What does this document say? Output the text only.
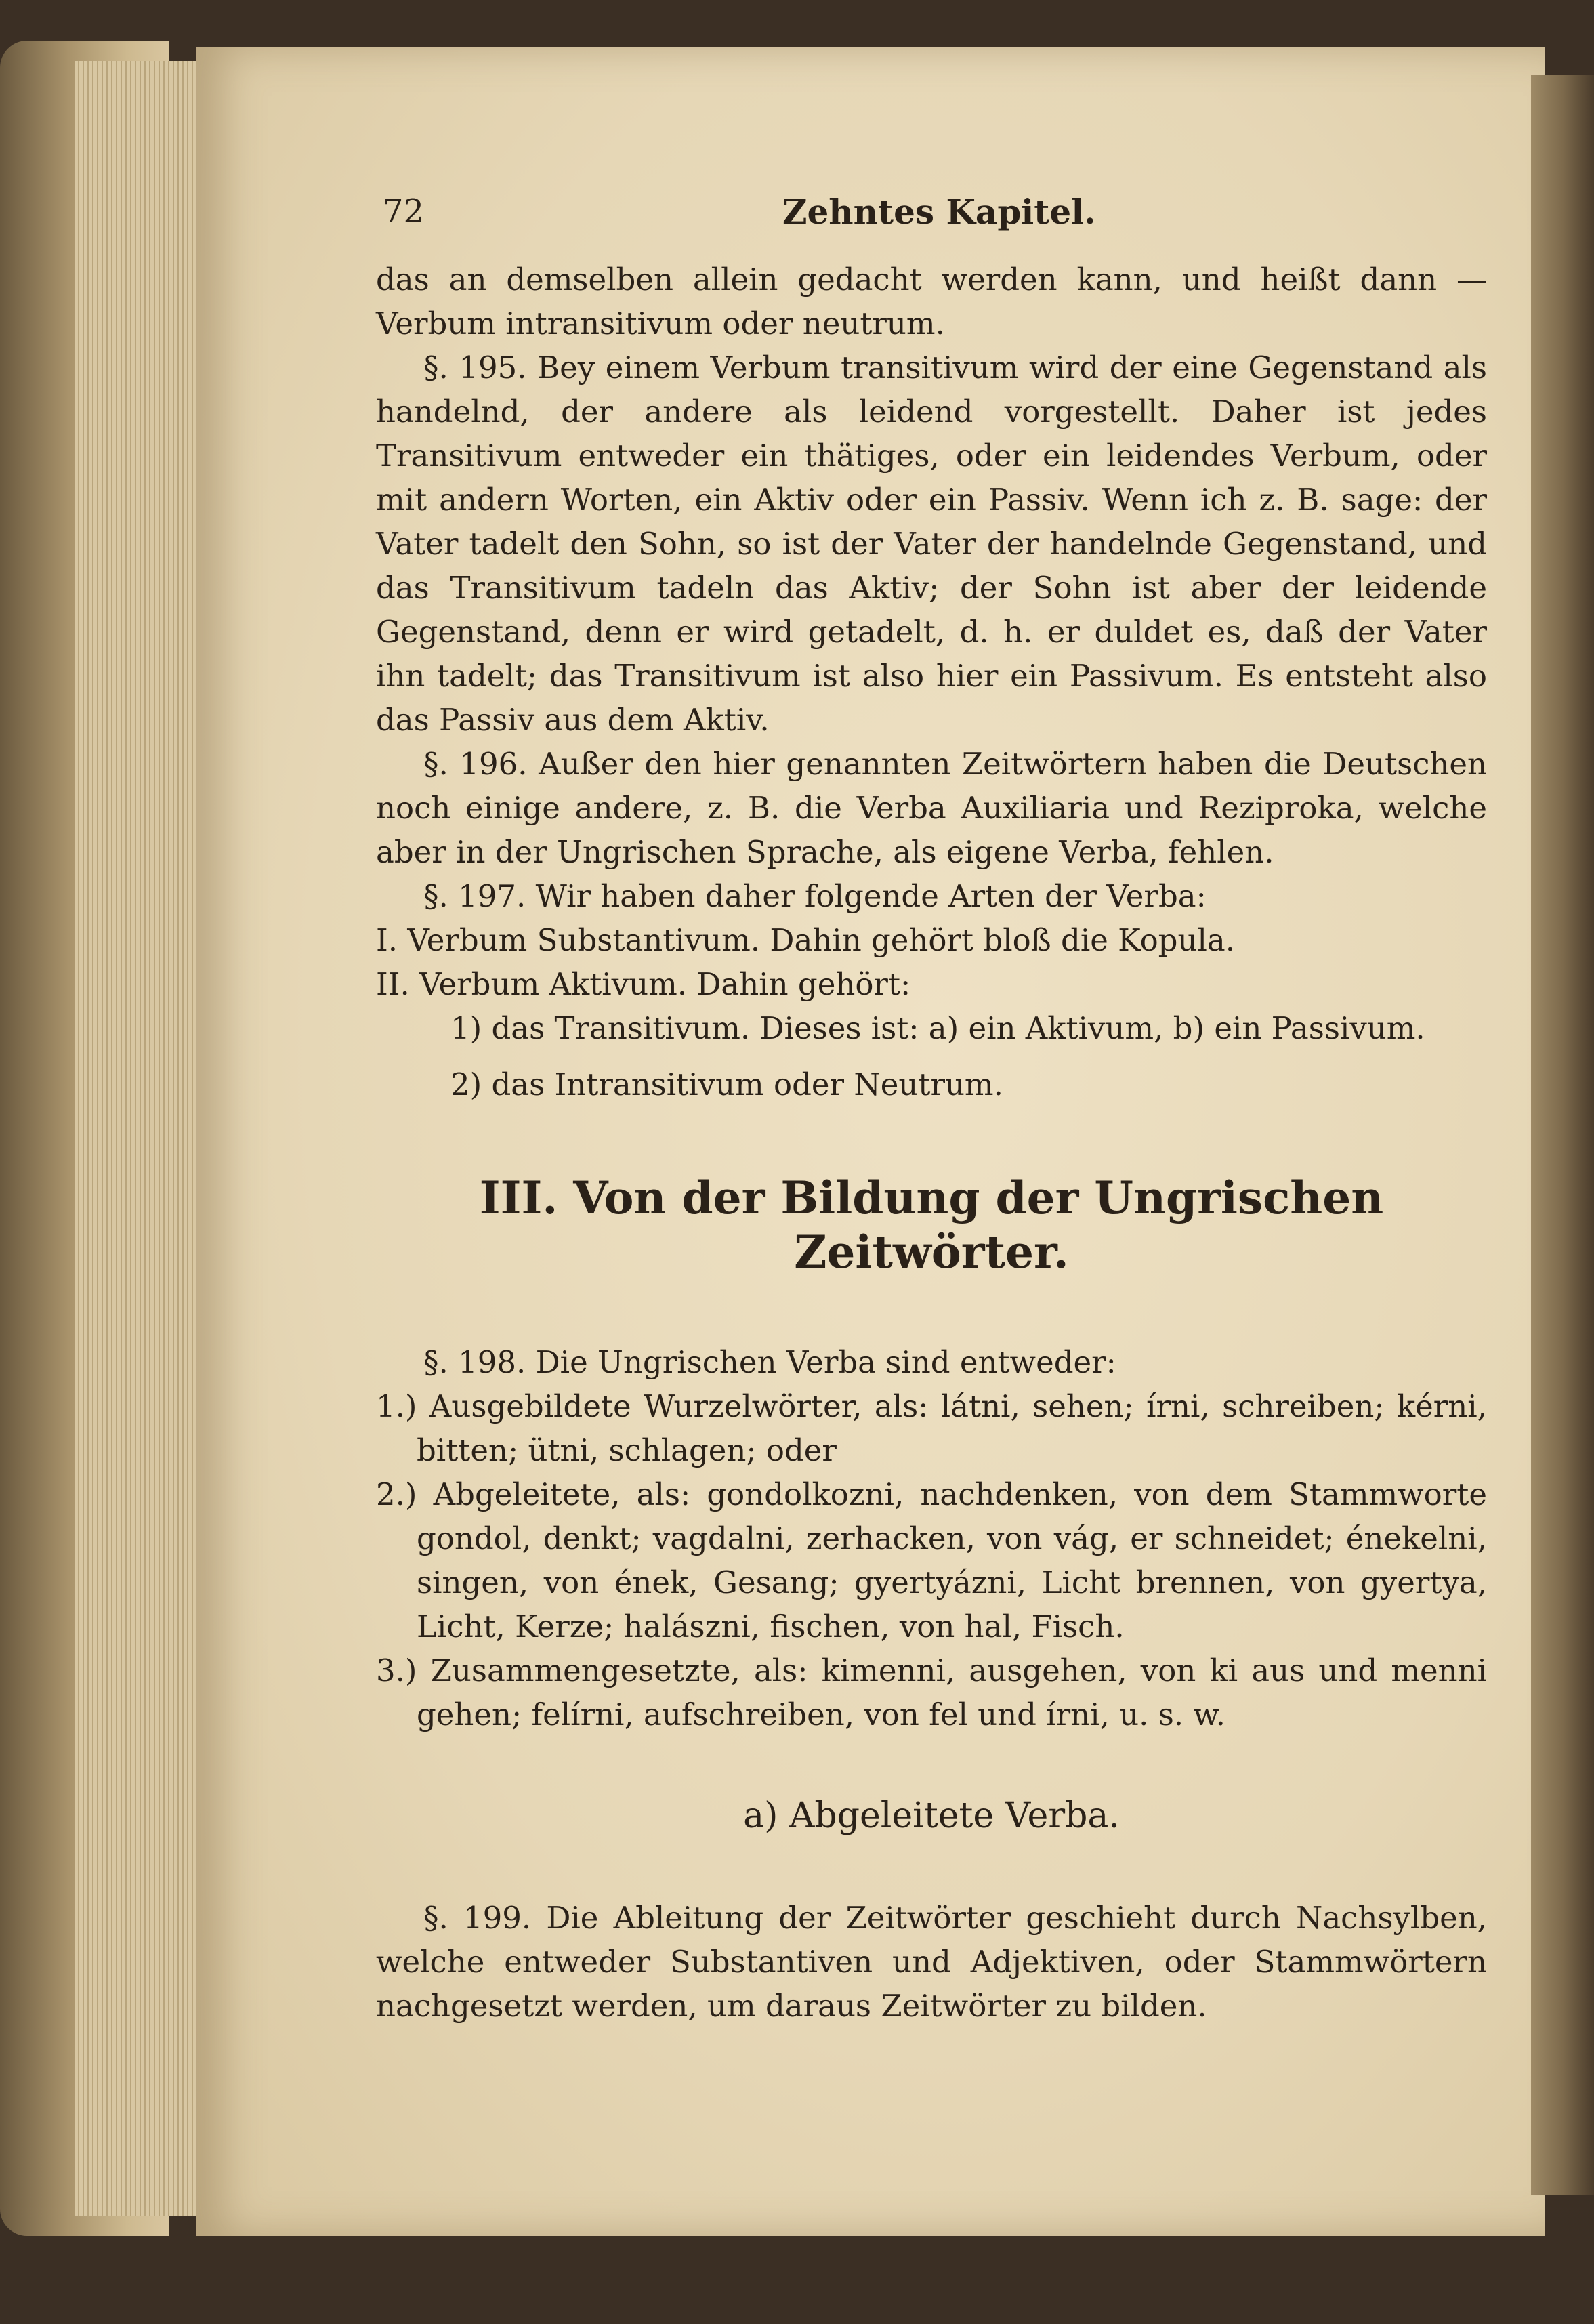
72	Zehntes Kapitel.

das an demselben allein gedacht werden kann, und heißt dann —Verbum intransitivum oder neutrum.

§. 195. Bey einem Verbum transitivum wird der eine Gegenstand als handelnd, der andere als leidend vorgestellt. Daher ist jedes Transitivum entweder ein thätiges, oder ein leidendes Verbum, oder mit andern Worten, ein Aktiv oder ein Passiv. Wenn ich z. B. sage: der Vater tadelt den Sohn, so ist der Vater der handelnde Gegenstand, und das Transitivum tadeln das Aktiv; der Sohn ist aber der leidende Gegenstand, denn er wird getadelt, d. h. er duldet es, daß der Vater ihn tadelt; das Transitivum ist also hier ein Passivum. Es entsteht also das Passiv aus dem Aktiv.

§. 196. Außer den hier genannten Zeitwörtern haben die Deutschen noch einige andere, z. B. die Verba Auxiliaria und Reziproka, welche aber in der Ungrischen Sprache, als eigene Verba, fehlen.

§. 197. Wir haben daher folgende Arten der Verba:

I. Verbum Substantivum. Dahin gehört bloß die Kopula.

II. Verbum Aktivum. Dahin gehört:

1) das Transitivum. Dieses ist: a) ein Aktivum, b) ein Passivum.

2) das Intransitivum oder Neutrum.

III. Von der Bildung der Ungrischen Zeitwörter.

§. 198. Die Ungrischen Verba sind entweder:

1.) Ausgebildete Wurzelwörter, als: látni, sehen; írni, schreiben; kérni, bitten; ütni, schlagen; oder

2.) Abgeleitete, als: gondolkozni, nachdenken, von dem Stammworte gondol, denkt; vagdalni, zerhacken, von vág, er schneidet; énekelni, singen, von ének, Gesang; gyertyázni, Licht brennen, von gyertya, Licht, Kerze; halászni, fischen, von hal, Fisch.

3.) Zusammengesetzte, als: kimenni, ausgehen, von ki aus und menni gehen; felírni, aufschreiben, von fel und írni, u. s. w.

a) Abgeleitete Verba.

§. 199. Die Ableitung der Zeitwörter geschieht durch Nachsylben, welche entweder Substantiven und Adjektiven, oder Stammwörtern nachgesetzt werden, um daraus Zeitwörter zu bilden.
